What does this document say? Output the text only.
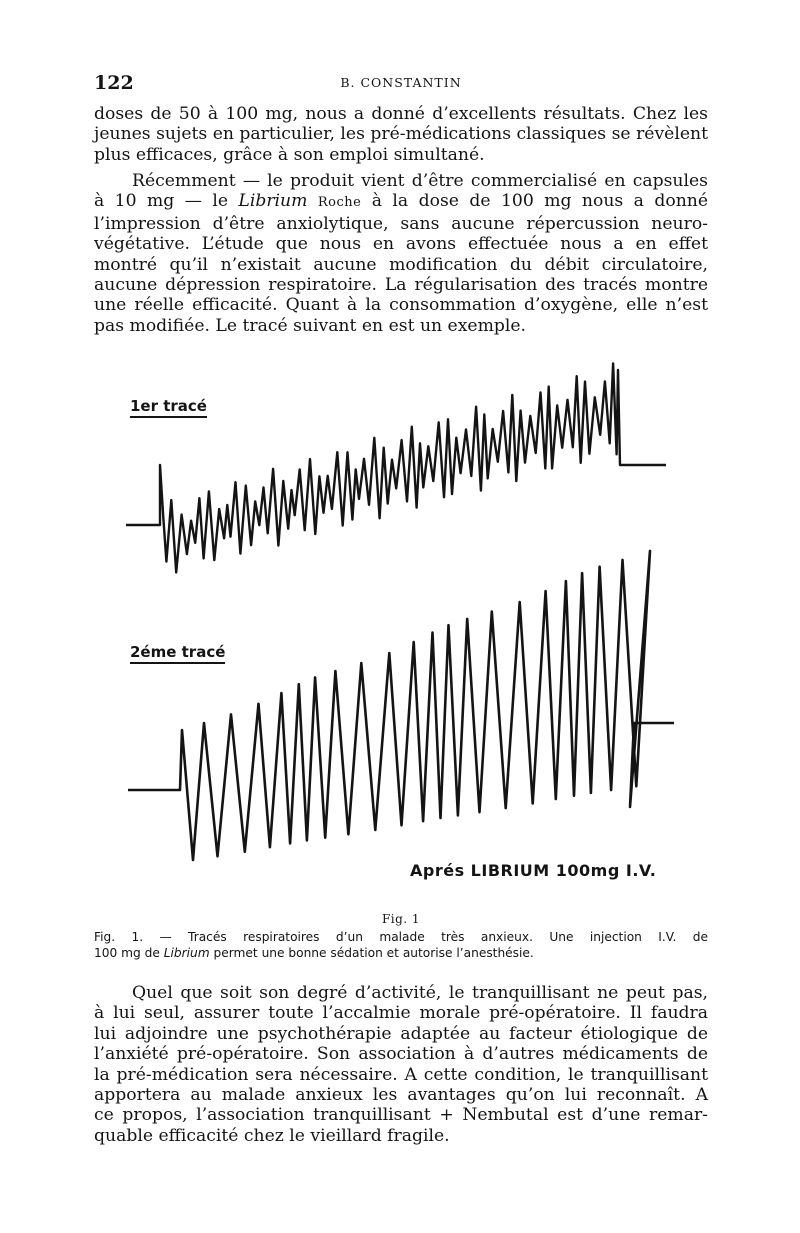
122	B. CONSTANTIN
doses de 50 à 100 mg, nous a donné d’excellents résultats. Chez les
jeunes sujets en particulier, les pré-médications classiques se révèlent
plus efficaces, grâce à son emploi simultané.
Récemment — le produit vient d’être commercialisé en capsules
à 10 mg — le Librium Roche à la dose de 100 mg nous a donné
l’impression d’être anxiolytique, sans aucune répercussion neuro-
végétative. L’étude que nous en avons effectuée nous a en effet
montré qu’il n’existait aucune modification du débit circulatoire,
aucune dépression respiratoire. La régularisation des tracés montre
une réelle efficacité. Quant à la consommation d’oxygène, elle n’est
pas modifiée. Le tracé suivant en est un exemple.
1er tracé
2éme tracé
Aprés LIBRIUM 100mg I.V.
Fig. 1
Fig. 1. — Tracés respiratoires d’un malade très anxieux. Une injection I.V. de
100 mg de Librium permet une bonne sédation et autorise l’anesthésie.
Quel que soit son degré d’activité, le tranquillisant ne peut pas,
à lui seul, assurer toute l’accalmie morale pré-opératoire. Il faudra
lui adjoindre une psychothérapie adaptée au facteur étiologique de
l’anxiété pré-opératoire. Son association à d’autres médicaments de
la pré-médication sera nécessaire. A cette condition, le tranquillisant
apportera au malade anxieux les avantages qu’on lui reconnaît. A
ce propos, l’association tranquillisant + Nembutal est d’une remar-
quable efficacité chez le vieillard fragile.
